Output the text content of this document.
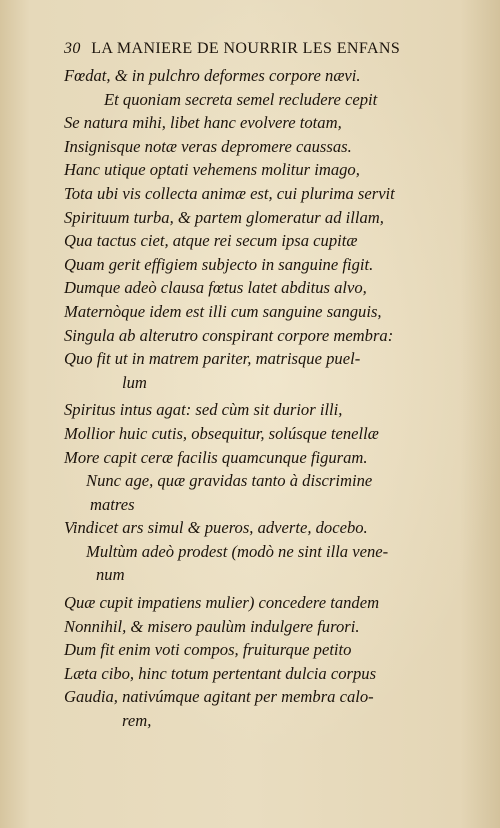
30 LA MANIERE DE NOURRIR LES ENFANS
Fœdat, & in pulchro deformes corpore nævi.
Et quoniam secreta semel recludere cepit
Se natura mihi, libet hanc evolvere totam,
Insignisque notæ veras depromere caussas.
Hanc utique optati vehemens molitur imago,
Tota ubi vis collecta animæ est, cui plurima servit
Spirituum turba, & partem glomeratur ad illam,
Qua tactus ciet, atque rei secum ipsa cupitæ
Quam gerit effigiem subjecto in sanguine figit.
Dumque adeò clausa fœtus latet abditus alvo,
Maternòque idem est illi cum sanguine sanguis,
Singula ab alterutro conspirant corpore membra:
Quo fit ut in matrem pariter, matrisque puel-
lum
Spiritus intus agat: sed cùm sit durior illi,
Mollior huic cutis, obsequitur, solúsque tenellæ
More capit ceræ facilis quamcunque figuram.
Nunc age, quæ gravidas tanto à discrimine
matres
Vindicet ars simul & pueros, adverte, docebo.
Multùm adeò prodest (modò ne sint illa vene-
num
Quæ cupit impatiens mulier) concedere tandem
Nonnihil, & misero paulùm indulgere furori.
Dum fit enim voti compos, fruiturque petito
Læta cibo, hinc totum pertentant dulcia corpus
Gaudia, nativúmque agitant per membra calo-
rem,
